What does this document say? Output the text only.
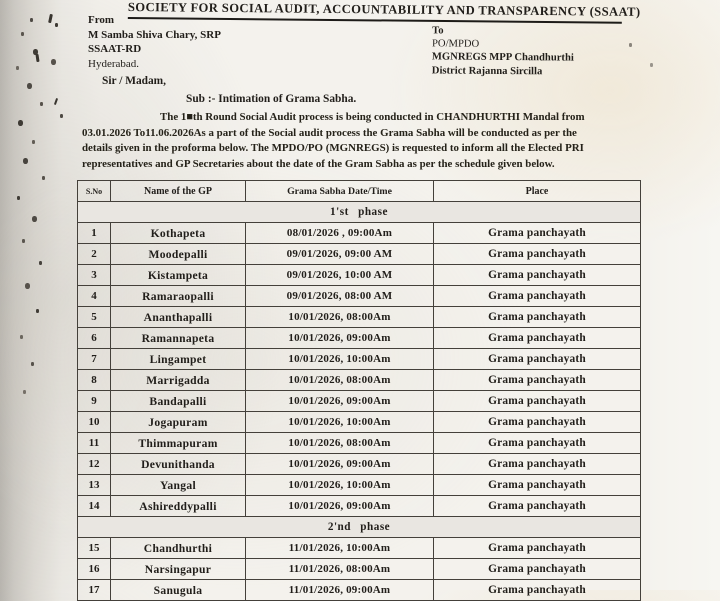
SOCIETY FOR SOCIAL AUDIT, ACCOUNTABILITY AND TRANSPARENCY (SSAAT)
From
M Samba Shiva Chary, SRP
SSAAT-RD
Hyderabad.
To
PO/MPDO
MGNREGS MPP Chandhurthi
District Rajanna Sircilla
Sir / Madam,
Sub :- Intimation of Grama Sabha.
The 1■th Round Social Audit process is being conducted in CHANDHURTHI Mandal from
03.01.2026 To11.06.2026As a part of the Social audit process the Grama Sabha will be conducted as per the
details given in the proforma below. The MPDO/PO (MGNREGS) is requested to inform all the Elected PRI
representatives and GP Secretaries about the date of the Gram Sabha as per the schedule given below.
S.No	Name of the GP	Grama Sabha Date/Time	Place
1'st phase			
1	Kothapeta	08/01/2026 , 09:00Am	Grama panchayath
2	Moodepalli	09/01/2026, 09:00 AM	Grama panchayath
3	Kistampeta	09/01/2026, 10:00 AM	Grama panchayath
4	Ramaraopalli	09/01/2026, 08:00 AM	Grama panchayath
5	Ananthapalli	10/01/2026, 08:00Am	Grama panchayath
6	Ramannapeta	10/01/2026, 09:00Am	Grama panchayath
7	Lingampet	10/01/2026, 10:00Am	Grama panchayath
8	Marrigadda	10/01/2026, 08:00Am	Grama panchayath
9	Bandapalli	10/01/2026, 09:00Am	Grama panchayath
10	Jogapuram	10/01/2026, 10:00Am	Grama panchayath
11	Thimmapuram	10/01/2026, 08:00Am	Grama panchayath
12	Devunithanda	10/01/2026, 09:00Am	Grama panchayath
13	Yangal	10/01/2026, 10:00Am	Grama panchayath
14	Ashireddypalli	10/01/2026, 09:00Am	Grama panchayath
2'nd phase			
15	Chandhurthi	11/01/2026, 10:00Am	Grama panchayath
16	Narsingapur	11/01/2026, 08:00Am	Grama panchayath
17	Sanugula	11/01/2026, 09:00Am	Grama panchayath
